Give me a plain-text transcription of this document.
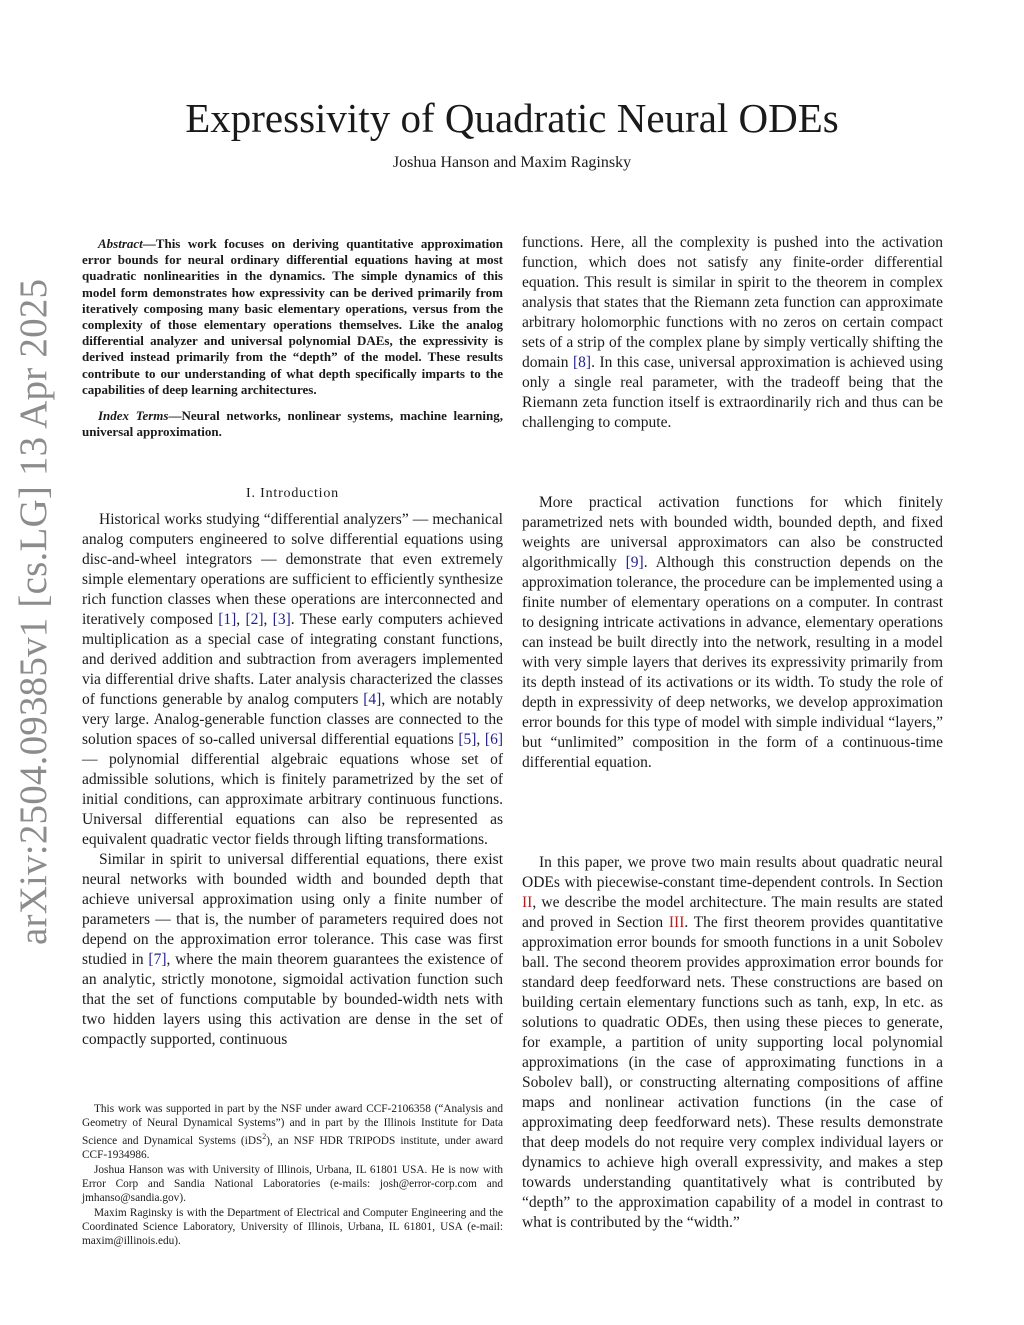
arXiv:2504.09385v1 [cs.LG] 13 Apr 2025
Expressivity of Quadratic Neural ODEs
Joshua Hanson and Maxim Raginsky

Abstract—This work focuses on deriving quantitative approximation error bounds for neural ordinary differential equations having at most quadratic nonlinearities in the dynamics. The simple dynamics of this model form demonstrates how expressivity can be derived primarily from iteratively composing many basic elementary operations, versus from the complexity of those elementary operations themselves. Like the analog differential analyzer and universal polynomial DAEs, the expressivity is derived instead primarily from the “depth” of the model. These results contribute to our understanding of what depth specifically imparts to the capabilities of deep learning architectures.

Index Terms—Neural networks, nonlinear systems, machine learning, universal approximation.

I. Introduction

Historical works studying “differential analyzers” — mechanical analog computers engineered to solve differential equations using disc-and-wheel integrators — demonstrate that even extremely simple elementary operations are sufficient to efficiently synthesize rich function classes when these operations are interconnected and iteratively composed [1], [2], [3]. These early computers achieved multiplication as a special case of integrating constant functions, and derived addition and subtraction from averagers implemented via differential drive shafts. Later analysis characterized the classes of functions generable by analog computers [4], which are notably very large. Analog-generable function classes are connected to the solution spaces of so-called universal differential equations [5], [6] — polynomial differential algebraic equations whose set of admissible solutions, which is finitely parametrized by the set of initial conditions, can approximate arbitrary continuous functions. Universal differential equations can also be represented as equivalent quadratic vector fields through lifting transformations.

Similar in spirit to universal differential equations, there exist neural networks with bounded width and bounded depth that achieve universal approximation using only a finite number of parameters — that is, the number of parameters required does not depend on the approximation error tolerance. This case was first studied in [7], where the main theorem guarantees the existence of an analytic, strictly monotone, sigmoidal activation function such that the set of functions computable by bounded-width nets with two hidden layers using this activation are dense in the set of compactly supported, continuous

This work was supported in part by the NSF under award CCF-2106358 (“Analysis and Geometry of Neural Dynamical Systems”) and in part by the Illinois Institute for Data Science and Dynamical Systems (iDS$^2$), an NSF HDR TRIPODS institute, under award CCF-1934986.

Joshua Hanson was with University of Illinois, Urbana, IL 61801 USA. He is now with Error Corp and Sandia National Laboratories (e-mails: josh@error-corp.com and jmhanso@sandia.gov).

Maxim Raginsky is with the Department of Electrical and Computer Engineering and the Coordinated Science Laboratory, University of Illinois, Urbana, IL 61801, USA (e-mail: maxim@illinois.edu).

functions. Here, all the complexity is pushed into the activation function, which does not satisfy any finite-order differential equation. This result is similar in spirit to the theorem in complex analysis that states that the Riemann zeta function can approximate arbitrary holomorphic functions with no zeros on certain compact sets of a strip of the complex plane by simply vertically shifting the domain [8]. In this case, universal approximation is achieved using only a single real parameter, with the tradeoff being that the Riemann zeta function itself is extraordinarily rich and thus can be challenging to compute.

More practical activation functions for which finitely parametrized nets with bounded width, bounded depth, and fixed weights are universal approximators can also be constructed algorithmically [9]. Although this construction depends on the approximation tolerance, the procedure can be implemented using a finite number of elementary operations on a computer. In contrast to designing intricate activations in advance, elementary operations can instead be built directly into the network, resulting in a model with very simple layers that derives its expressivity primarily from its depth instead of its activations or its width. To study the role of depth in expressivity of deep networks, we develop approximation error bounds for this type of model with simple individual “layers,” but “unlimited” composition in the form of a continuous-time differential equation.

In this paper, we prove two main results about quadratic neural ODEs with piecewise-constant time-dependent controls. In Section II, we describe the model architecture. The main results are stated and proved in Section III. The first theorem provides quantitative approximation error bounds for smooth functions in a unit Sobolev ball. The second theorem provides approximation error bounds for standard deep feedforward nets. These constructions are based on building certain elementary functions such as tanh, exp, ln etc. as solutions to quadratic ODEs, then using these pieces to generate, for example, a partition of unity supporting local polynomial approximations (in the case of approximating functions in a Sobolev ball), or constructing alternating compositions of affine maps and nonlinear activation functions (in the case of approximating deep feedforward nets). These results demonstrate that deep models do not require very complex individual layers or dynamics to achieve high overall expressivity, and makes a step towards understanding quantitatively what is contributed by “depth” to the approximation capability of a model in contrast to what is contributed by the “width.”
